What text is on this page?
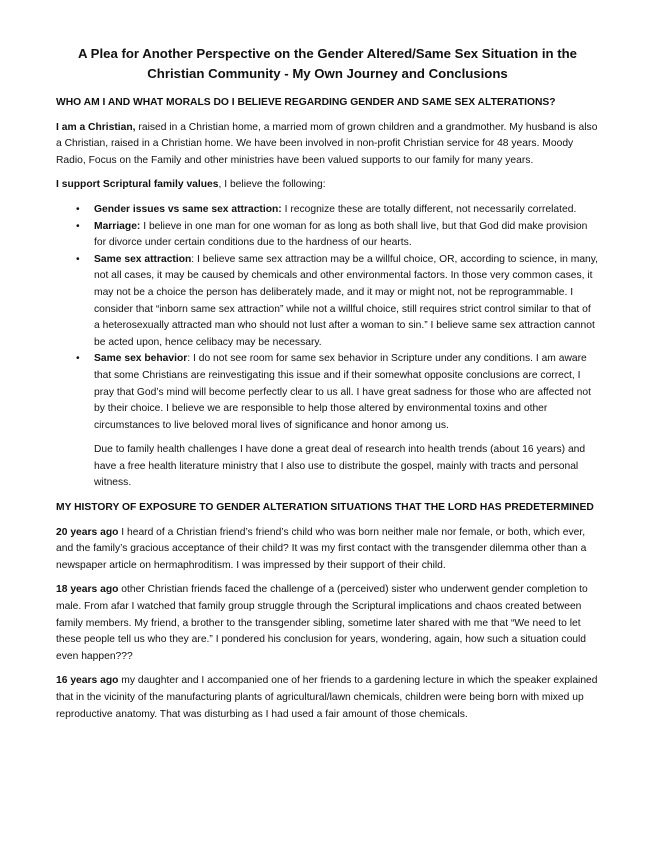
A Plea for Another Perspective on the Gender Altered/Same Sex Situation in the
Christian Community - My Own Journey and Conclusions
WHO AM I AND WHAT MORALS DO I BELIEVE REGARDING GENDER AND SAME SEX ALTERATIONS?

I am a Christian, raised in a Christian home, a married mom of grown children and a grandmother. My husband is also a Christian, raised in a Christian home. We have been involved in non-profit Christian service for 48 years. Moody Radio, Focus on the Family and other ministries have been valued supports to our family for many years.

I support Scriptural family values, I believe the following:

• Gender issues vs same sex attraction: I recognize these are totally different, not necessarily correlated.
• Marriage: I believe in one man for one woman for as long as both shall live, but that God did make provision for divorce under certain conditions due to the hardness of our hearts.
• Same sex attraction: I believe same sex attraction may be a willful choice, OR, according to science, in many, not all cases, it may be caused by chemicals and other environmental factors. In those very common cases, it may not be a choice the person has deliberately made, and it may or might not, not be reprogrammable. I consider that “inborn same sex attraction” while not a willful choice, still requires strict control similar to that of a heterosexually attracted man who should not lust after a woman to sin.” I believe same sex attraction cannot be acted upon, hence celibacy may be necessary.
• Same sex behavior: I do not see room for same sex behavior in Scripture under any conditions. I am aware that some Christians are reinvestigating this issue and if their somewhat opposite conclusions are correct, I pray that God’s mind will become perfectly clear to us all. I have great sadness for those who are affected not by their choice. I believe we are responsible to help those altered by environmental toxins and other circumstances to live beloved moral lives of significance and honor among us.

Due to family health challenges I have done a great deal of research into health trends (about 16 years) and have a free health literature ministry that I also use to distribute the gospel, mainly with tracts and personal witness.

MY HISTORY OF EXPOSURE TO GENDER ALTERATION SITUATIONS THAT THE LORD HAS PREDETERMINED

20 years ago I heard of a Christian friend’s friend’s child who was born neither male nor female, or both, which ever, and the family’s gracious acceptance of their child? It was my first contact with the transgender dilemma other than a newspaper article on hermaphroditism. I was impressed by their support of their child.

18 years ago other Christian friends faced the challenge of a (perceived) sister who underwent gender completion to male. From afar I watched that family group struggle through the Scriptural implications and chaos created between family members. My friend, a brother to the transgender sibling, sometime later shared with me that “We need to let these people tell us who they are.” I pondered his conclusion for years, wondering, again, how such a situation could even happen???

16 years ago my daughter and I accompanied one of her friends to a gardening lecture in which the speaker explained that in the vicinity of the manufacturing plants of agricultural/lawn chemicals, children were being born with mixed up reproductive anatomy. That was disturbing as I had used a fair amount of those chemicals.
